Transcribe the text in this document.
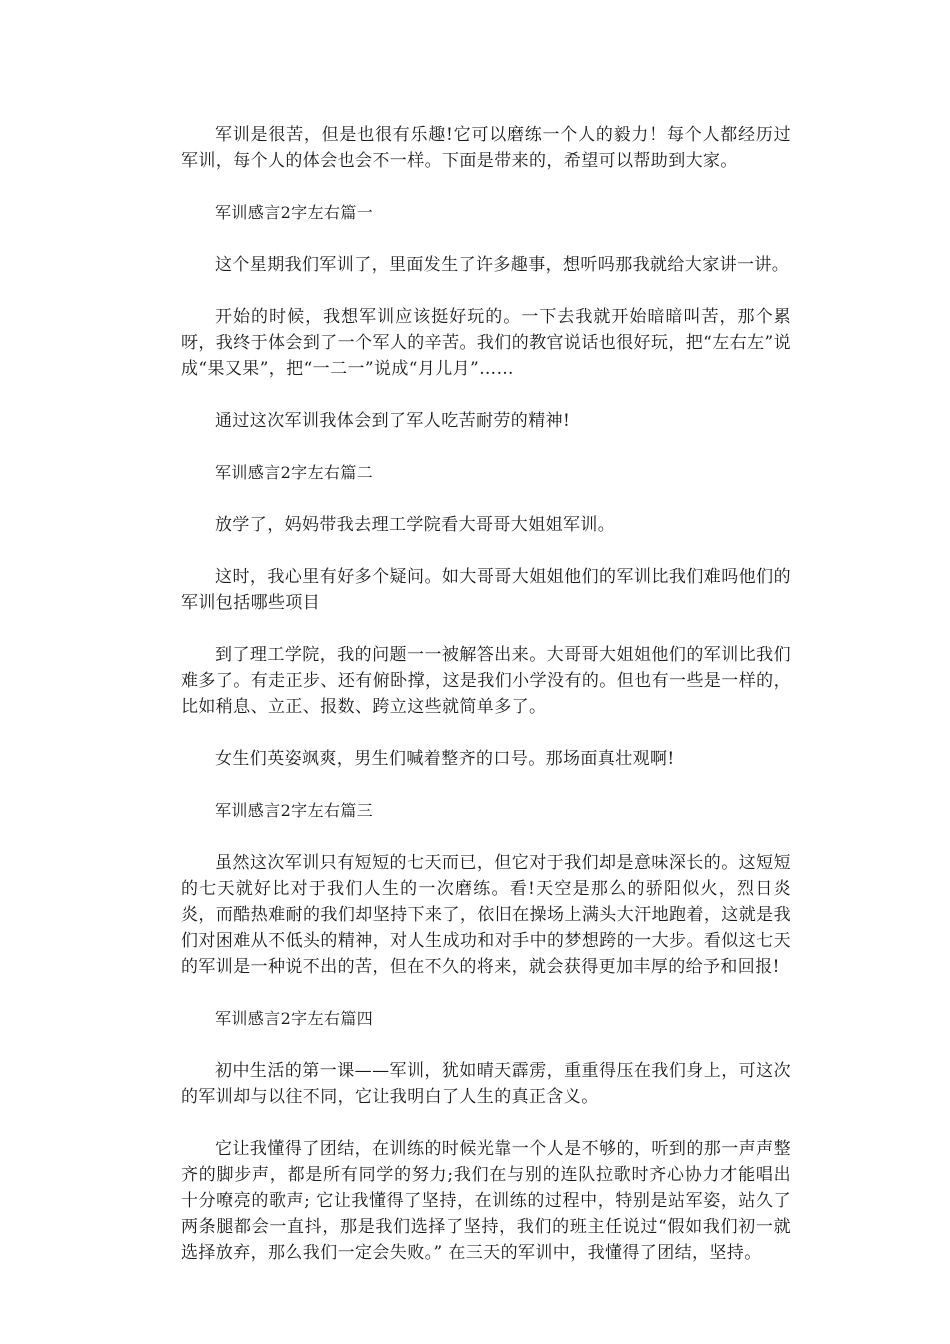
军训是很苦，但是也很有乐趣!它可以磨练一个人的毅力！每个人都经历过军训，每个人的体会也会不一样。下面是带来的，希望可以帮助到大家。

军训感言2字左右篇一

这个星期我们军训了，里面发生了许多趣事，想听吗那我就给大家讲一讲。

开始的时候，我想军训应该挺好玩的。一下去我就开始暗暗叫苦，那个累呀，我终于体会到了一个军人的辛苦。我们的教官说话也很好玩，把“左右左”说成“果又果”，把“一二一”说成“月儿月”……

通过这次军训我体会到了军人吃苦耐劳的精神!

军训感言2字左右篇二

放学了，妈妈带我去理工学院看大哥哥大姐姐军训。

这时，我心里有好多个疑问。如大哥哥大姐姐他们的军训比我们难吗他们的军训包括哪些项目

到了理工学院，我的问题一一被解答出来。大哥哥大姐姐他们的军训比我们难多了。有走正步、还有俯卧撑，这是我们小学没有的。但也有一些是一样的，比如稍息、立正、报数、跨立这些就简单多了。

女生们英姿飒爽，男生们喊着整齐的口号。那场面真壮观啊!

军训感言2字左右篇三

虽然这次军训只有短短的七天而已，但它对于我们却是意味深长的。这短短的七天就好比对于我们人生的一次磨练。看!天空是那么的骄阳似火，烈日炎炎，而酷热难耐的我们却坚持下来了，依旧在操场上满头大汗地跑着，这就是我们对困难从不低头的精神，对人生成功和对手中的梦想跨的一大步。看似这七天的军训是一种说不出的苦，但在不久的将来，就会获得更加丰厚的给予和回报!

军训感言2字左右篇四

初中生活的第一课——军训，犹如晴天霹雳，重重得压在我们身上，可这次的军训却与以往不同，它让我明白了人生的真正含义。

它让我懂得了团结，在训练的时候光靠一个人是不够的，听到的那一声声整齐的脚步声，都是所有同学的努力;我们在与别的连队拉歌时齐心协力才能唱出十分嘹亮的歌声; 它让我懂得了坚持，在训练的过程中，特别是站军姿，站久了两条腿都会一直抖，那是我们选择了坚持，我们的班主任说过“假如我们初一就选择放弃，那么我们一定会失败。” 在三天的军训中，我懂得了团结，坚持。
